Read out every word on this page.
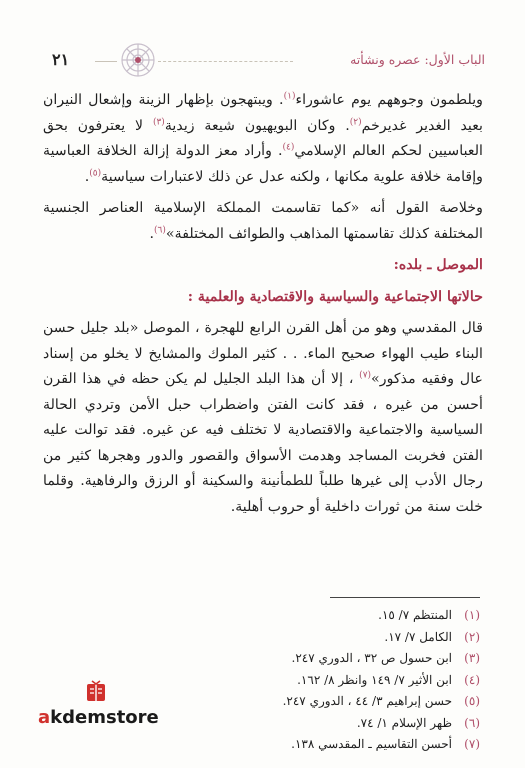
الباب الأول: عصره ونشأته
٢١

ويلطمون وجوههم يوم عاشوراء$^{(١)}$. ويبتهجون بإظهار الزينة وإشعال النيران بعيد الغدير غديرخم$^{(٢)}$. وكان البويهيون شيعة زيدية$^{(٣)}$ لا يعترفون بحق العباسيين لحكم العالم الإسلامي$^{(٤)}$. وأراد معز الدولة إزالة الخلافة العباسية وإقامة خلافة علوية مكانها ، ولكنه عدل عن ذلك لاعتبارات سياسية$^{(٥)}$.

وخلاصة القول أنه «كما تقاسمت المملكة الإسلامية العناصر الجنسية المختلفة كذلك تقاسمتها المذاهب والطوائف المختلفة»$^{(٦)}$.

الموصل ـ بلده:

حالاتها الاجتماعية والسياسية والاقتصادية والعلمية :

قال المقدسي وهو من أهل القرن الرابع للهجرة ، الموصل «بلد جليل حسن البناء طيب الهواء صحيح الماء. . . كثير الملوك والمشايخ لا يخلو من إسناد عال وفقيه مذكور»$^{(٧)}$ ، إلا أن هذا البلد الجليل لم يكن حظه في هذا القرن أحسن من غيره ، فقد كانت الفتن واضطراب حبل الأمن وتردي الحالة السياسية والاجتماعية والاقتصادية لا تختلف فيه عن غيره. فقد توالت عليه الفتن فخربت المساجد وهدمت الأسواق والقصور والدور وهجرها كثير من رجال الأدب إلى غيرها طلباً للطمأنينة والسكينة أو الرزق والرفاهية. وقلما خلت سنة من ثورات داخلية أو حروب أهلية.

(١)المنتظم ٧/ ١٥.
(٢)الكامل ٧/ ١٧.
(٣)ابن حسول ص ٣٢ ، الدوري ٢٤٧.
(٤)ابن الأثير ٧/ ١٤٩ وانظر ٨/ ١٦٢.
(٥)حسن إبراهيم ٣/ ٤٤ ، الدوري ٢٤٧.
(٦)ظهر الإسلام ١/ ٧٤.
(٧)أحسن التقاسيم ـ المقدسي ١٣٨.
akdemstore
